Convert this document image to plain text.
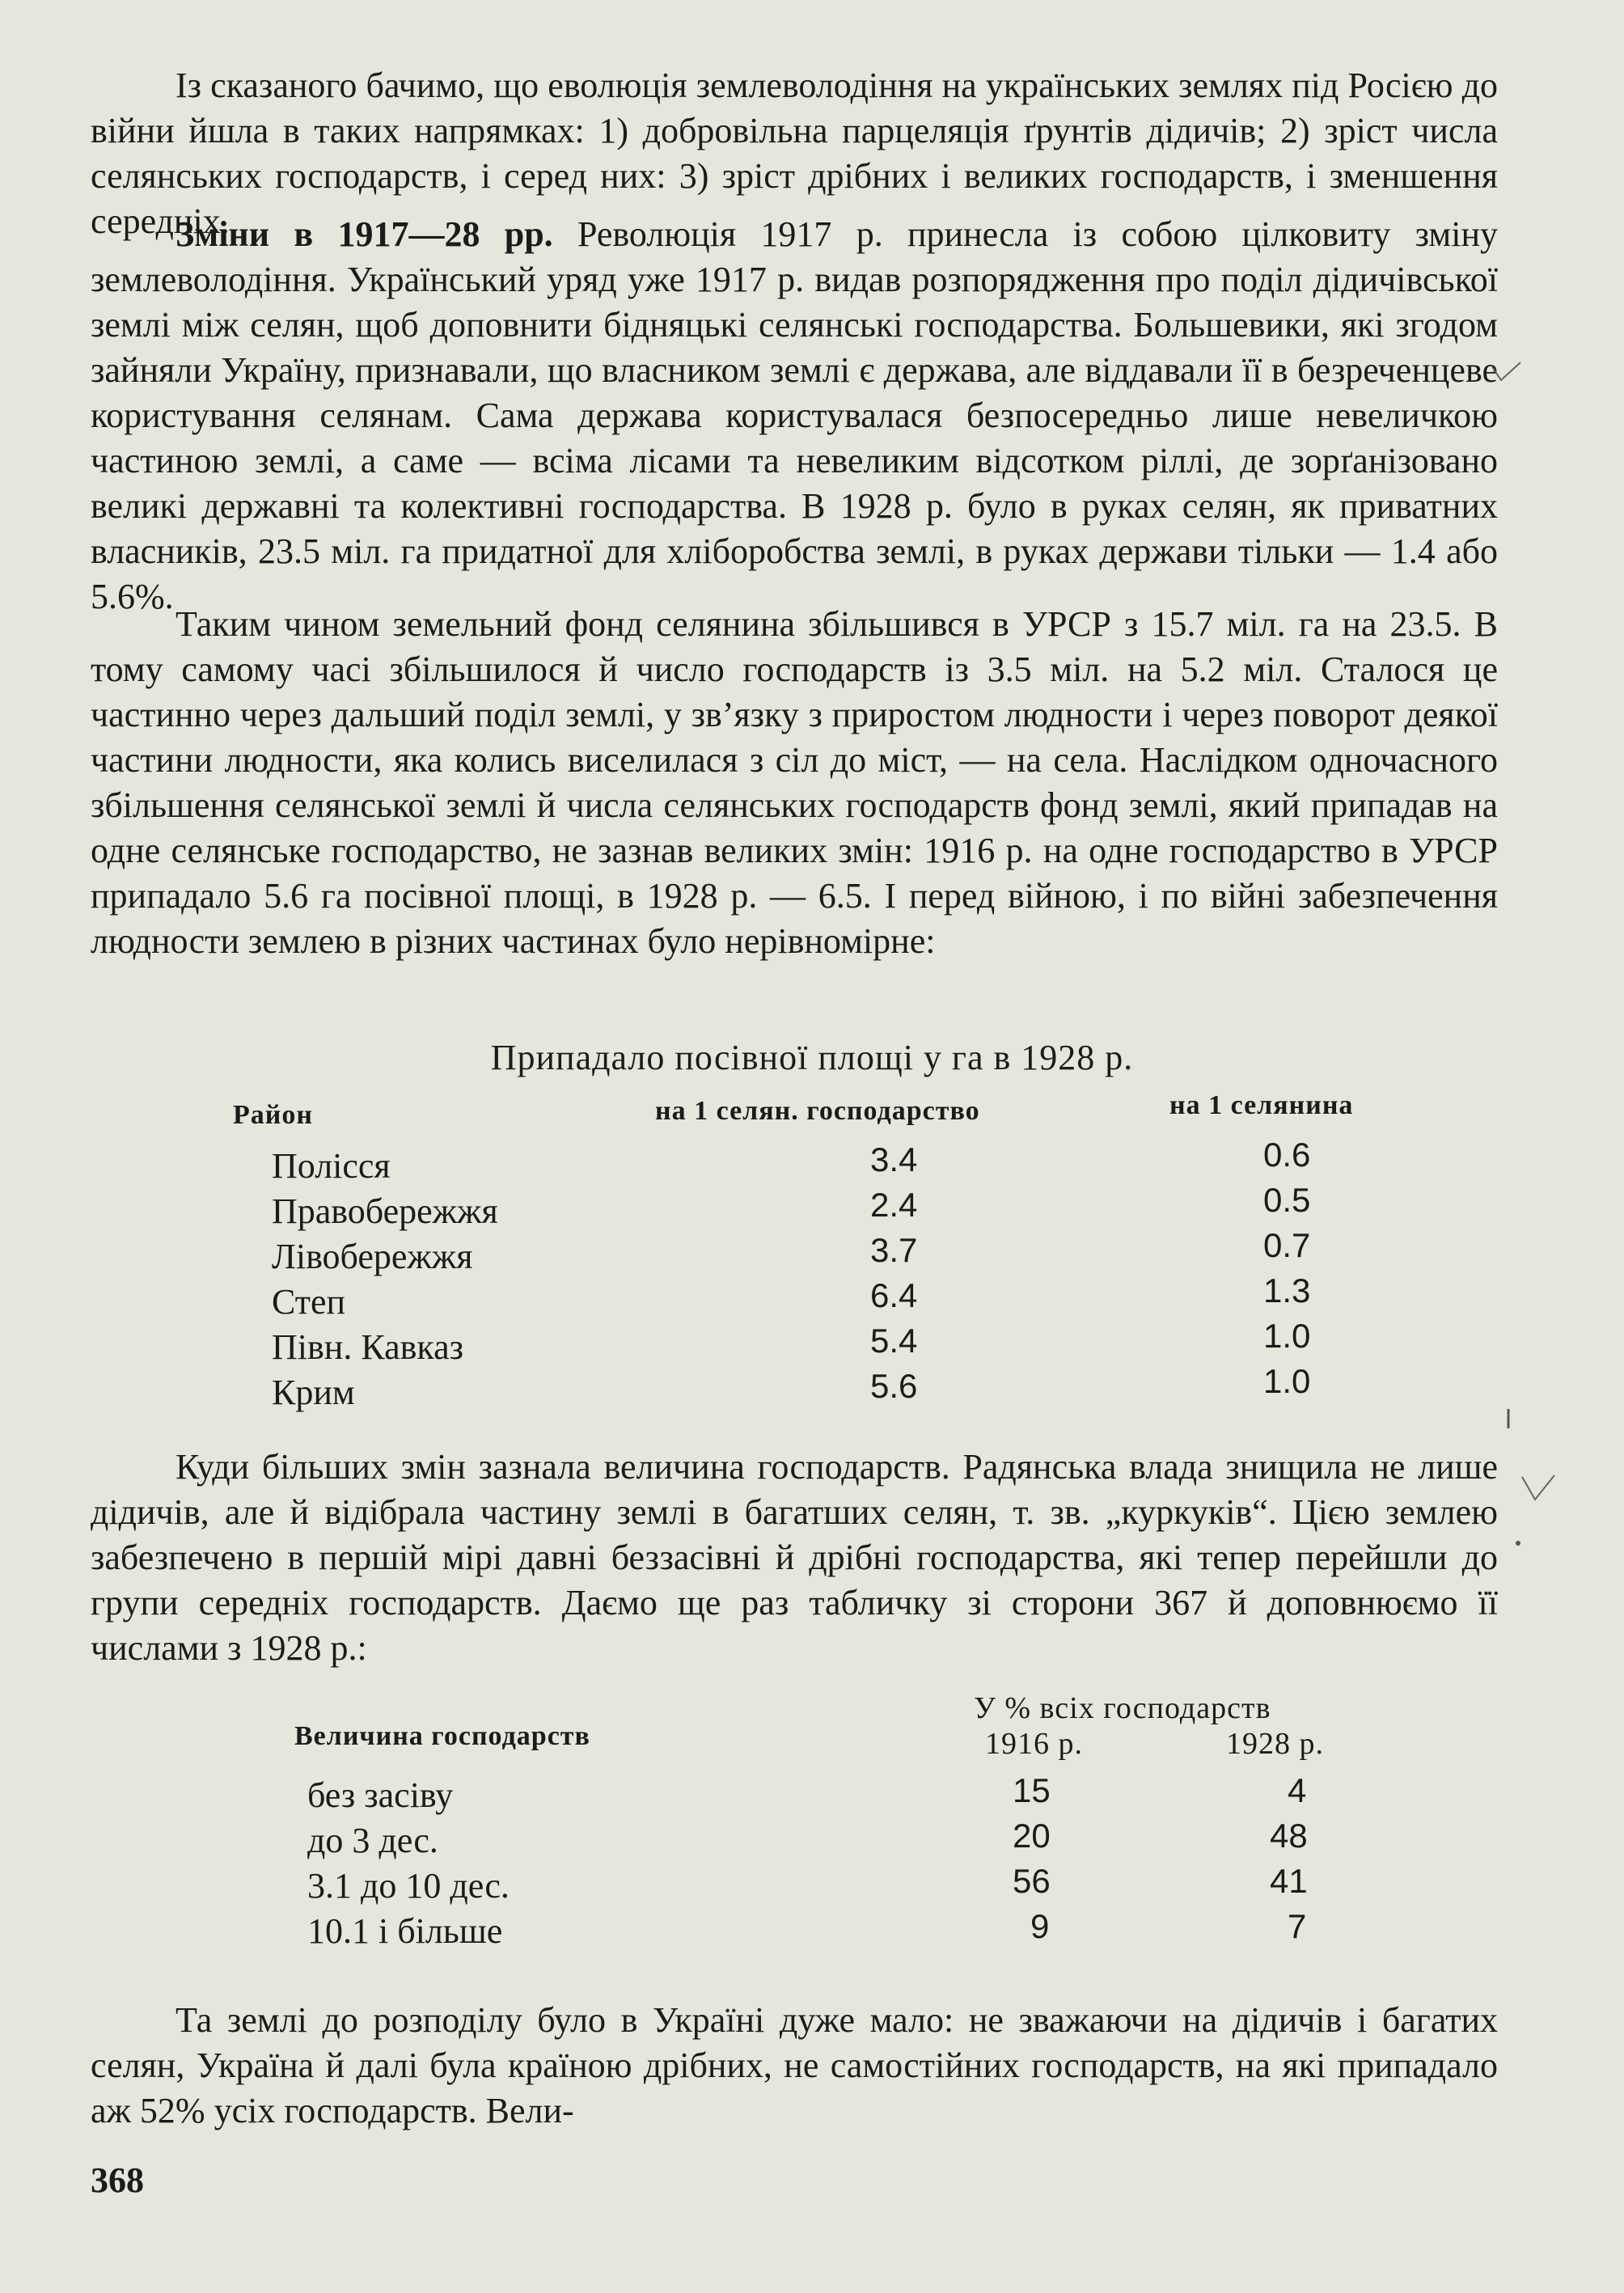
Із сказаного бачимо, що еволюція землеволодіння на українських землях під Росією до війни йшла в таких напрямках: 1) добровільна парцеляція ґрунтів дідичів; 2) зріст числа селянських господарств, і серед них: 3) зріст дрібних і великих господарств, і зменшення середніх.

Зміни в 1917—28 рр. Революція 1917 р. принесла із собою цілковиту зміну землеволодіння. Український уряд уже 1917 р. видав розпорядження про поділ дідичівської землі між селян, щоб доповнити бідняцькі селянські господарства. Большевики, які згодом зайняли Україну, признавали, що власником землі є держава, але віддавали її в безреченцеве користування селянам. Сама держава користувалася безпосередньо лише невеличкою частиною землі, а саме — всіма лісами та невеликим відсотком ріллі, де зорґанізовано великі державні та колективні господарства. В 1928 р. було в руках селян, як приватних власників, 23.5 міл. га придатної для хліборобства землі, в руках держави тільки — 1.4 або 5.6%.

Таким чином земельний фонд селянина збільшився в УРСР з 15.7 міл. га на 23.5. В тому самому часі збільшилося й число господарств із 3.5 міл. на 5.2 міл. Сталося це частинно через дальший поділ землі, у зв’язку з приростом людности і через поворот деякої частини людности, яка колись виселилася з сіл до міст, — на села. Наслідком одночасного збільшення селянської землі й числа селянських господарств фонд землі, який припадав на одне селянське господарство, не зазнав великих змін: 1916 р. на одне господарство в УРСР припадало 5.6 га посівної площі, в 1928 р. — 6.5. І перед війною, і по війні забезпечення людности землею в різних частинах було нерівномірне:

Припадало посівної площі у га в 1928 р.
Район	на 1 селян. господарство	на 1 селянина
Полісся	3.4	0.6
Правобережжя	2.4	0.5
Лівобережжя	3.7	0.7
Степ	6.4	1.3
Півн. Кавказ	5.4	1.0
Крим	5.6	1.0

Куди більших змін зазнала величина господарств. Радянська влада знищила не лише дідичів, але й відібрала частину землі в багатших селян, т. зв. „куркуків“. Цією землею забезпечено в першій мірі давні беззасівні й дрібні господарства, які тепер перейшли до групи середніх господарств. Даємо ще раз табличку зі сторони 367 й доповнюємо її числами з 1928 р.:

У % всіх господарств
Величина господарств	1916 р.	1928 р.
без засіву	15	4
до 3 дес.	20	48
3.1 до 10 дес.	56	41
10.1 і більше	9	7

Та землі до розподілу було в Україні дуже мало: не зважаючи на дідичів і багатих селян, Україна й далі була країною дрібних, не самостійних господарств, на які припадало аж 52% усіх господарств. Вели-

368
